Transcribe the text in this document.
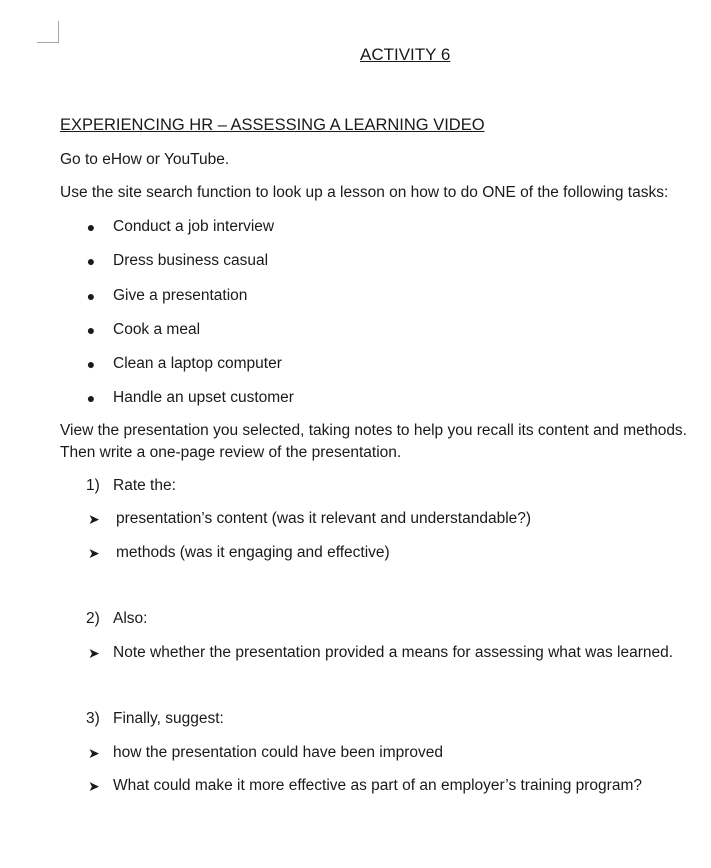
ACTIVITY 6
EXPERIENCING HR – ASSESSING A LEARNING VIDEO
Go to eHow or YouTube.
Use the site search function to look up a lesson on how to do ONE of the following tasks:
● Conduct a job interview
● Dress business casual
● Give a presentation
● Cook a meal
● Clean a laptop computer
● Handle an upset customer
View the presentation you selected, taking notes to help you recall its content and methods.
Then write a one-page review of the presentation.
1) Rate the:
➤ presentation’s content (was it relevant and understandable?)
➤ methods (was it engaging and effective)
2) Also:
➤ Note whether the presentation provided a means for assessing what was learned.
3) Finally, suggest:
➤ how the presentation could have been improved
➤ What could make it more effective as part of an employer’s training program?
